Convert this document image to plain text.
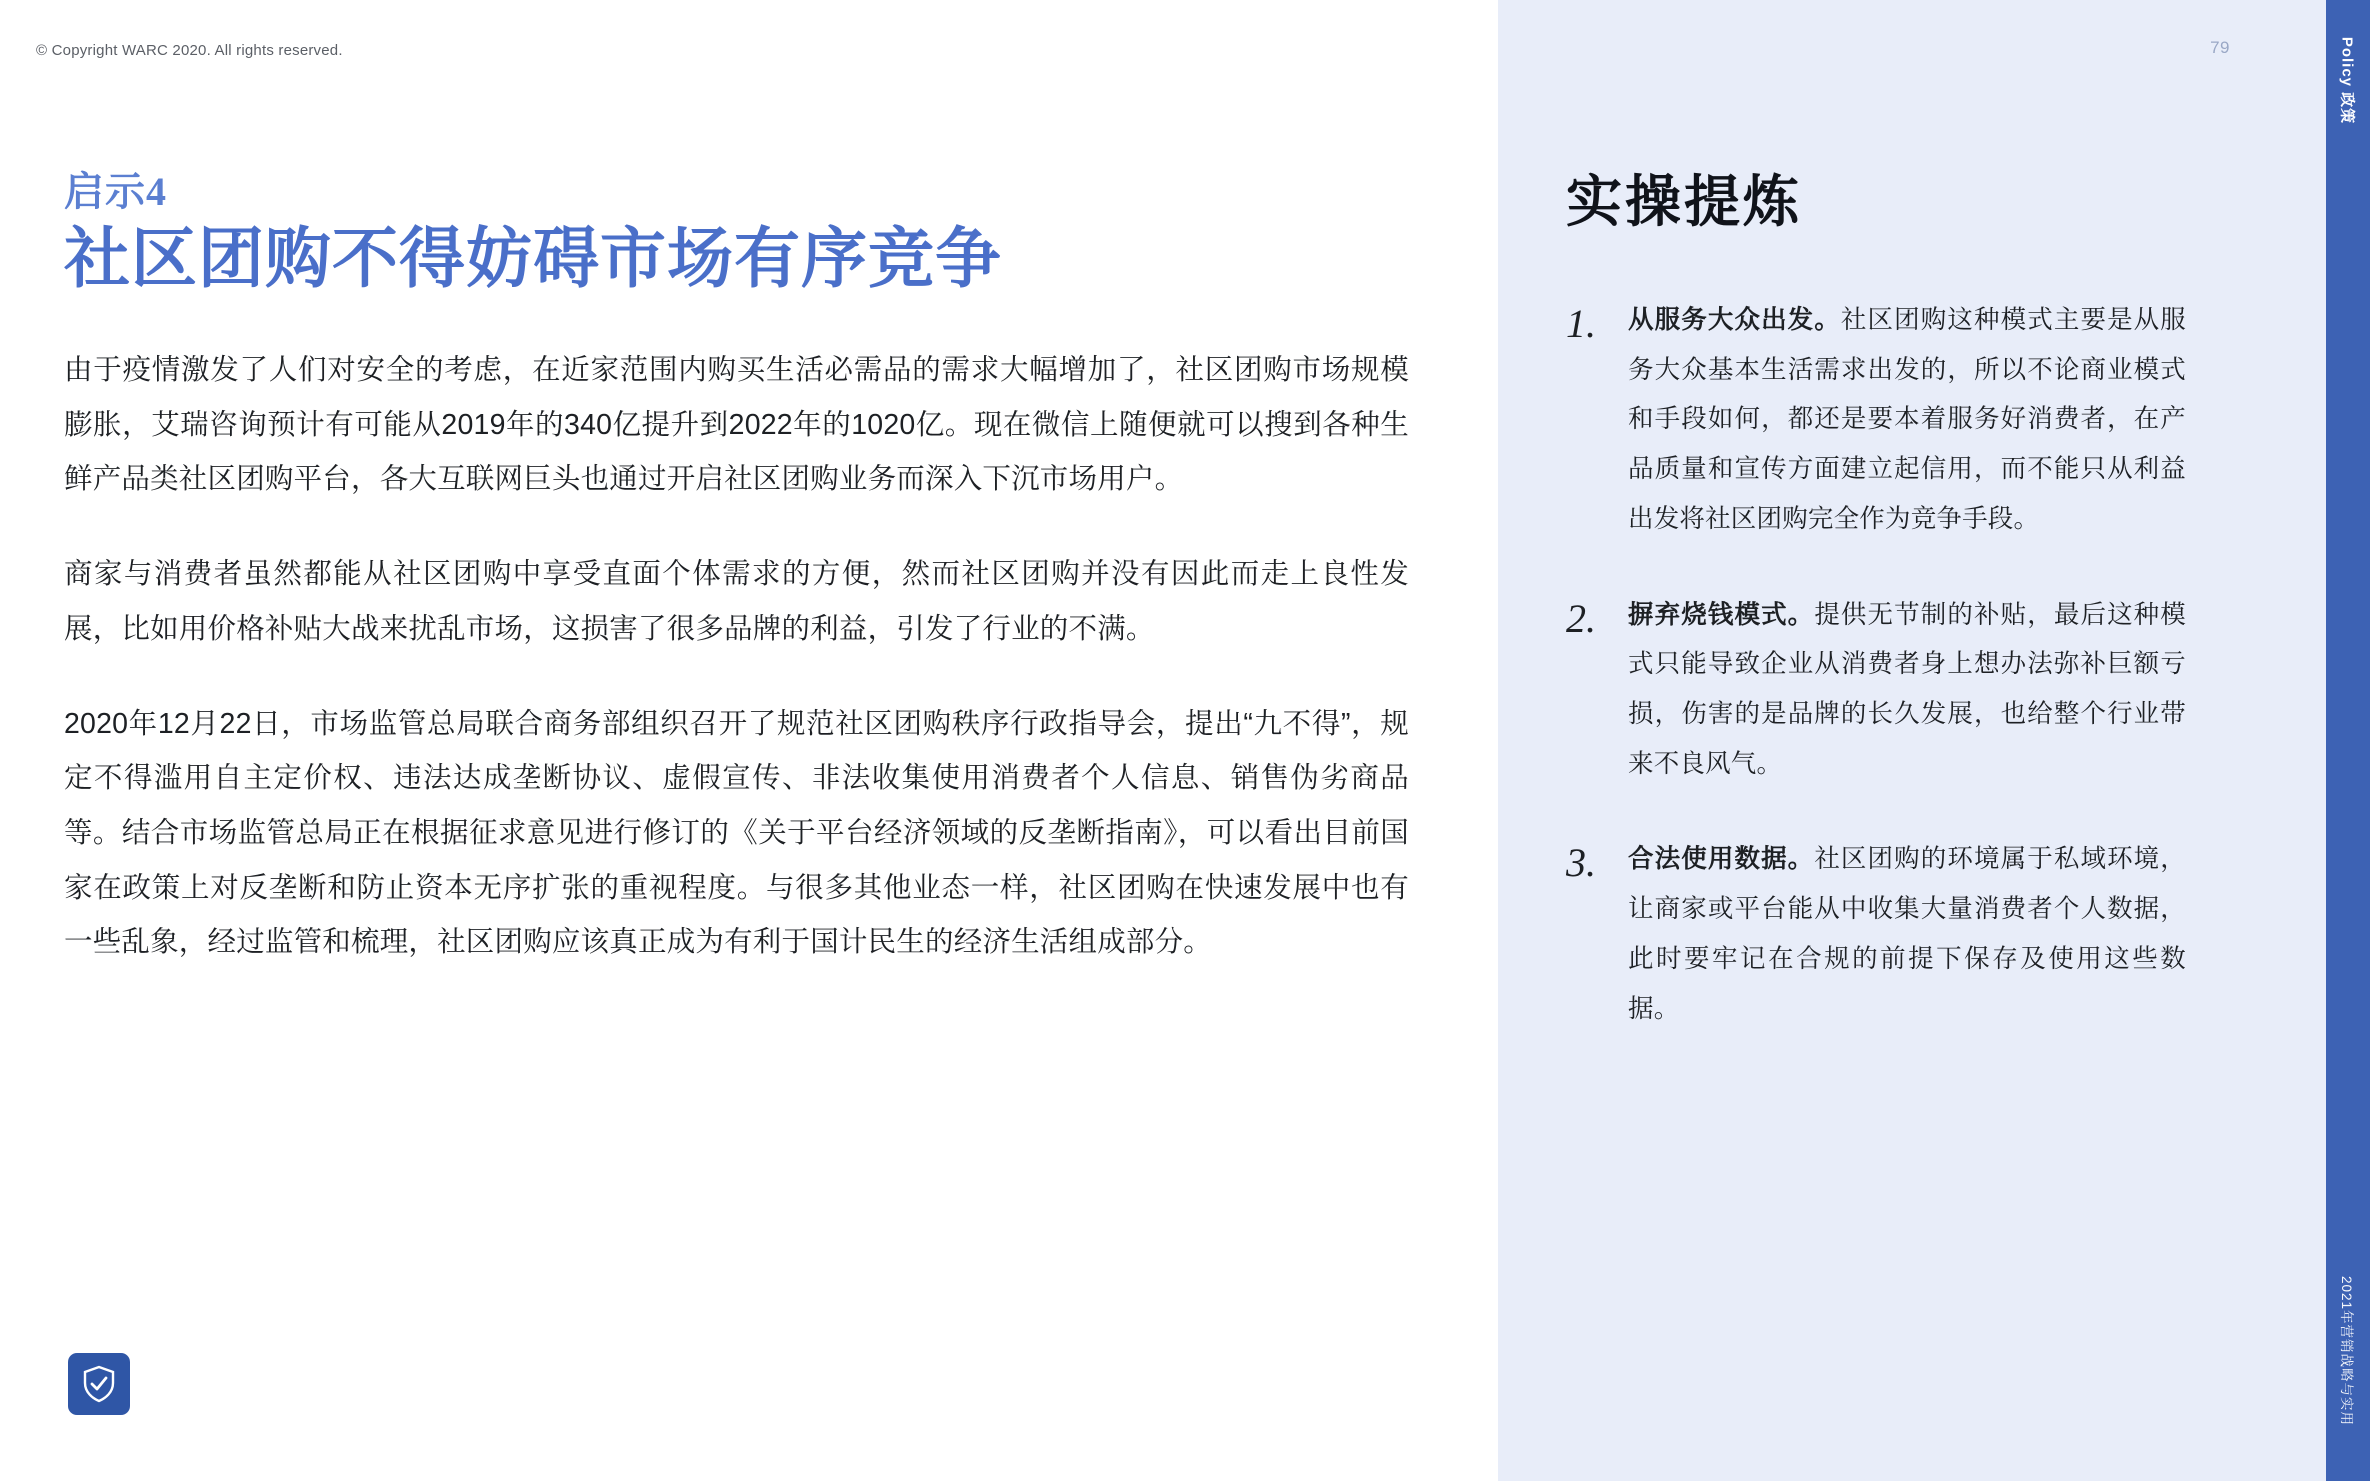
© Copyright WARC 2020. All rights reserved.
启示4
社区团购不得妨碍市场有序竞争

由于疫情激发了人们对安全的考虑，在近家范围内购买生活必需品的需求大幅增加了，社区团购市场规模膨胀，艾瑞咨询预计有可能从2019年的340亿提升到2022年的1020亿。现在微信上随便就可以搜到各种生鲜产品类社区团购平台，各大互联网巨头也通过开启社区团购业务而深入下沉市场用户。

商家与消费者虽然都能从社区团购中享受直面个体需求的方便，然而社区团购并没有因此而走上良性发展，比如用价格补贴大战来扰乱市场，这损害了很多品牌的利益，引发了行业的不满。

2020年12月22日，市场监管总局联合商务部组织召开了规范社区团购秩序行政指导会，提出“九不得”，规定不得滥用自主定价权、违法达成垄断协议、虚假宣传、非法收集使用消费者个人信息、销售伪劣商品等。结合市场监管总局正在根据征求意见进行修订的《关于平台经济领域的反垄断指南》，可以看出目前国家在政策上对反垄断和防止资本无序扩张的重视程度。与很多其他业态一样，社区团购在快速发展中也有一些乱象，经过监管和梳理，社区团购应该真正成为有利于国计民生的经济生活组成部分。

79
实操提炼
1.	从服务大众出发。社区团购这种模式主要是从服务大众基本生活需求出发的，所以不论商业模式和手段如何，都还是要本着服务好消费者，在产品质量和宣传方面建立起信用，而不能只从利益出发将社区团购完全作为竞争手段。
2.	摒弃烧钱模式。提供无节制的补贴，最后这种模式只能导致企业从消费者身上想办法弥补巨额亏损，伤害的是品牌的长久发展，也给整个行业带来不良风气。
3.	合法使用数据。社区团购的环境属于私域环境，让商家或平台能从中收集大量消费者个人数据，此时要牢记在合规的前提下保存及使用这些数据。
Policy 政策
2021年营销战略与实用
